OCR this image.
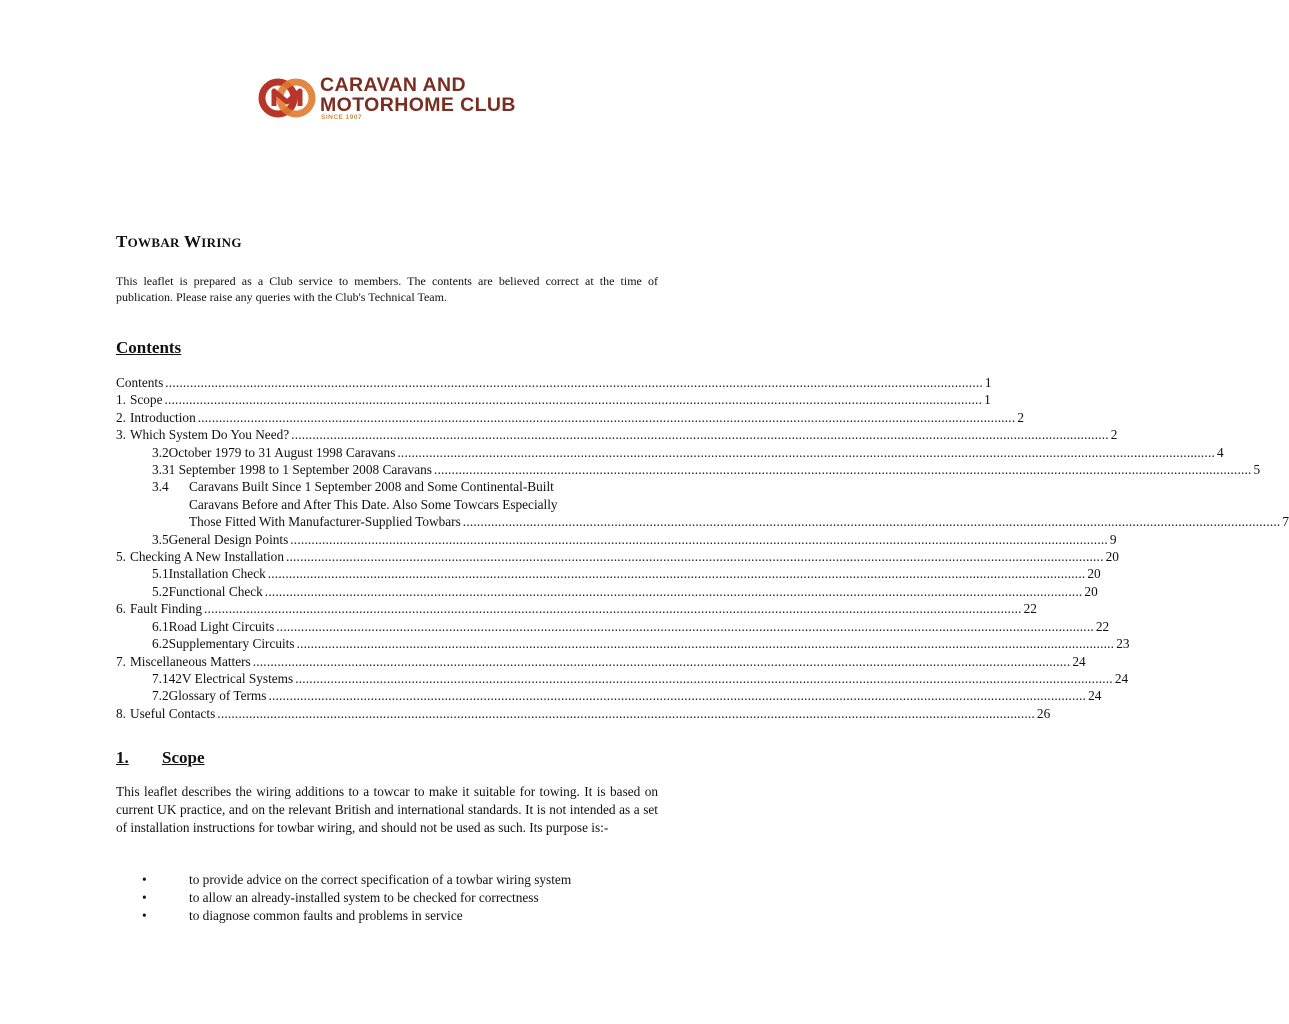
CARAVAN AND
MOTORHOME CLUB
SINCE 1907
TOWBAR WIRING
This leaflet is prepared as a Club service to members. The contents are believed correct at the time of publication. Please raise any queries with the Club's Technical Team.
Contents
Contents .....	1
1. Scope .....	1
2. Introduction .....	2
3. Which System Do You Need? .....	2
3.2 October 1979 to 31 August 1998 Caravans .....	4
3.3 1 September 1998 to 1 September 2008 Caravans .....	5
3.4	Caravans Built Since 1 September 2008 and Some Continental-Built
Caravans Before and After This Date. Also Some Towcars Especially
Those Fitted With Manufacturer-Supplied Towbars .....	7
3.5 General Design Points .....	9
5. Checking A New Installation .....	20
5.1 Installation Check .....	20
5.2 Functional Check .....	20
6. Fault Finding .....	22
6.1 Road Light Circuits .....	22
6.2 Supplementary Circuits .....	23
7. Miscellaneous Matters .....	24
7.1 42V Electrical Systems .....	24
7.2 Glossary of Terms .....	24
8. Useful Contacts .....	26
1. Scope
This leaflet describes the wiring additions to a towcar to make it suitable for towing. It is based on current UK practice, and on the relevant British and international standards. It is not intended as a set of installation instructions for towbar wiring, and should not be used as such. Its purpose is:-
•	to provide advice on the correct specification of a towbar wiring system
•	to allow an already-installed system to be checked for correctness
•	to diagnose common faults and problems in service
